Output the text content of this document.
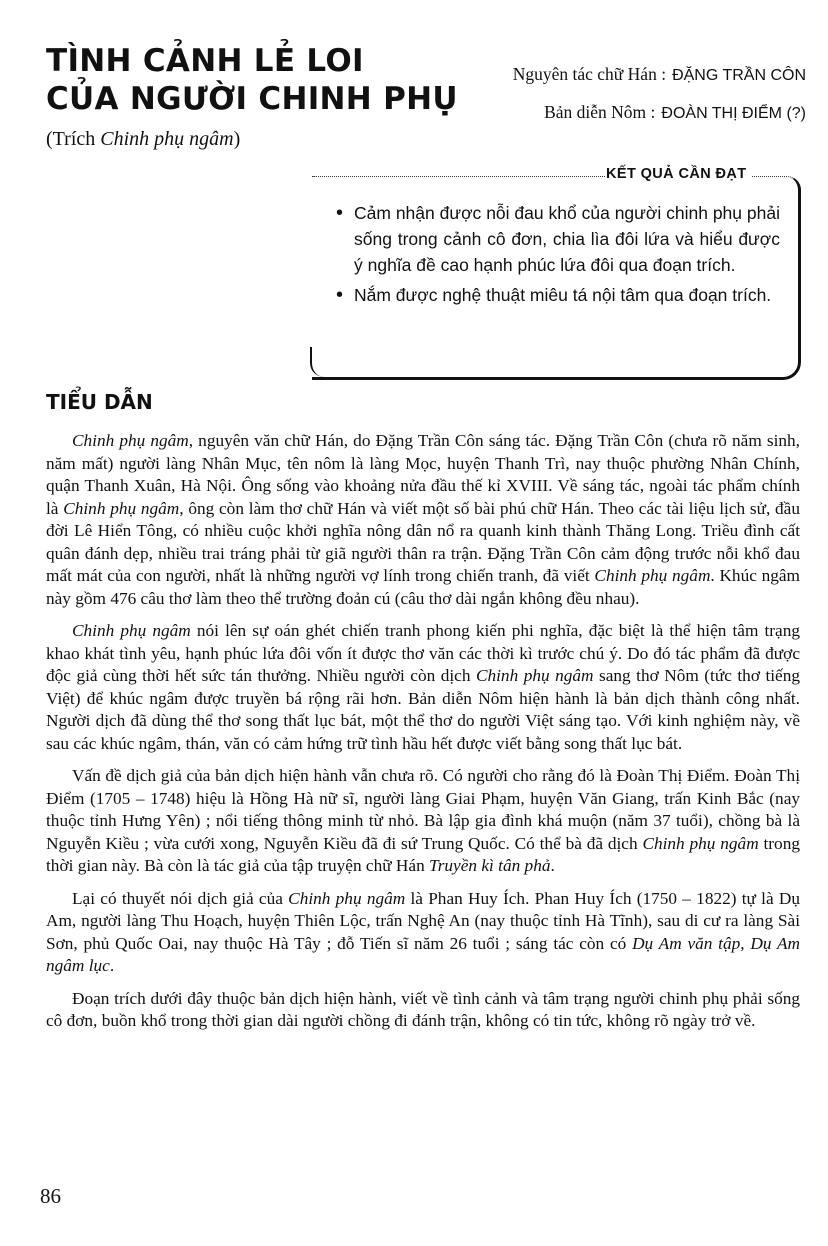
TÌNH CẢNH LẺ LOI
CỦA NGƯỜI CHINH PHỤ
Nguyên tác chữ Hán : ĐẶNG TRẦN CÔN
Bản diễn Nôm : ĐOÀN THỊ ĐIỂM (?)
(Trích Chinh phụ ngâm)
KẾT QUẢ CẦN ĐẠT
• Cảm nhận được nỗi đau khổ của người chinh phụ phải sống trong cảnh cô đơn, chia lìa đôi lứa và hiểu được ý nghĩa đề cao hạnh phúc lứa đôi qua đoạn trích.
• Nắm được nghệ thuật miêu tá nội tâm qua đoạn trích.
TIỂU DẪN

Chinh phụ ngâm, nguyên văn chữ Hán, do Đặng Trần Côn sáng tác. Đặng Trần Côn (chưa rõ năm sinh, năm mất) người làng Nhân Mục, tên nôm là làng Mọc, huyện Thanh Trì, nay thuộc phường Nhân Chính, quận Thanh Xuân, Hà Nội. Ông sống vào khoảng nửa đầu thế kỉ XVIII. Về sáng tác, ngoài tác phẩm chính là Chinh phụ ngâm, ông còn làm thơ chữ Hán và viết một số bài phú chữ Hán. Theo các tài liệu lịch sử, đầu đời Lê Hiển Tông, có nhiều cuộc khởi nghĩa nông dân nổ ra quanh kinh thành Thăng Long. Triều đình cất quân đánh dẹp, nhiều trai tráng phải từ giã người thân ra trận. Đặng Trần Côn cảm động trước nỗi khổ đau mất mát của con người, nhất là những người vợ lính trong chiến tranh, đã viết Chinh phụ ngâm. Khúc ngâm này gồm 476 câu thơ làm theo thể trường đoản cú (câu thơ dài ngắn không đều nhau).

Chinh phụ ngâm nói lên sự oán ghét chiến tranh phong kiến phi nghĩa, đặc biệt là thể hiện tâm trạng khao khát tình yêu, hạnh phúc lứa đôi vốn ít được thơ văn các thời kì trước chú ý. Do đó tác phẩm đã được độc giả cùng thời hết sức tán thưởng. Nhiều người còn dịch Chinh phụ ngâm sang thơ Nôm (tức thơ tiếng Việt) để khúc ngâm được truyền bá rộng rãi hơn. Bản diễn Nôm hiện hành là bản dịch thành công nhất. Người dịch đã dùng thể thơ song thất lục bát, một thể thơ do người Việt sáng tạo. Với kinh nghiệm này, về sau các khúc ngâm, thán, văn có cảm hứng trữ tình hầu hết được viết bằng song thất lục bát.

Vấn đề dịch giả của bản dịch hiện hành vẫn chưa rõ. Có người cho rằng đó là Đoàn Thị Điểm. Đoàn Thị Điểm (1705 – 1748) hiệu là Hồng Hà nữ sĩ, người làng Giai Phạm, huyện Văn Giang, trấn Kinh Bắc (nay thuộc tỉnh Hưng Yên) ; nổi tiếng thông minh từ nhỏ. Bà lập gia đình khá muộn (năm 37 tuổi), chồng bà là Nguyễn Kiều ; vừa cưới xong, Nguyễn Kiều đã đi sứ Trung Quốc. Có thể bà đã dịch Chinh phụ ngâm trong thời gian này. Bà còn là tác giả của tập truyện chữ Hán Truyền kì tân phả.

Lại có thuyết nói dịch giả của Chinh phụ ngâm là Phan Huy Ích. Phan Huy Ích (1750 – 1822) tự là Dụ Am, người làng Thu Hoạch, huyện Thiên Lộc, trấn Nghệ An (nay thuộc tỉnh Hà Tĩnh), sau di cư ra làng Sài Sơn, phủ Quốc Oai, nay thuộc Hà Tây ; đỗ Tiến sĩ năm 26 tuổi ; sáng tác còn có Dụ Am văn tập, Dụ Am ngâm lục.

Đoạn trích dưới đây thuộc bản dịch hiện hành, viết về tình cảnh và tâm trạng người chinh phụ phải sống cô đơn, buồn khổ trong thời gian dài người chồng đi đánh trận, không có tin tức, không rõ ngày trở về.

86
